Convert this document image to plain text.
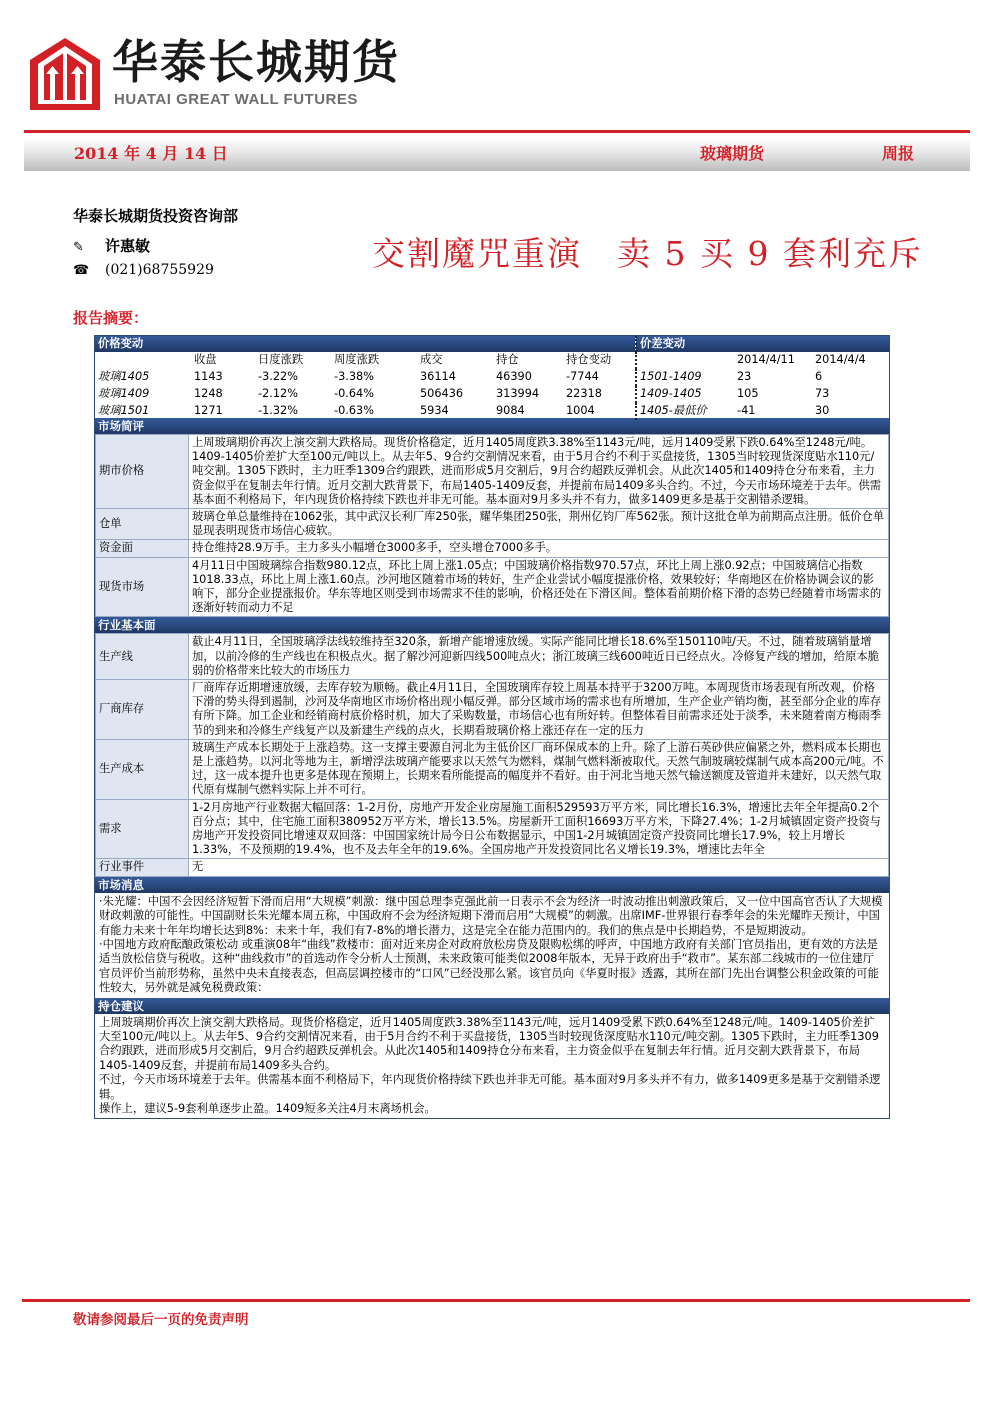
华泰长城期货
HUATAI GREAT WALL FUTURES
2014 年 4 月 14 日	玻璃期货	周报
华泰长城期货投资咨询部
✎ 许惠敏
☎ (021)68755929	交割魔咒重演　卖 5 买 9 套利充斥
报告摘要：
价格变动						
	收盘	日度涨跌	周度涨跌	成交	持仓	持仓变动
玻璃1405	1143	-3.22%	-3.38%	36114	46390	-7744
玻璃1409	1248	-2.12%	-0.64%	506436	313994	22318
玻璃1501	1271	-1.32%	-0.63%	5934	9084	1004
价差变动		
	2014/4/11	2014/4/4
1501-1409	23	6
1409-1405	105	73
1405-最低价	-41	30
市场简评
期市价格	上周玻璃期价再次上演交割大跌格局。现货价格稳定，近月1405周度跌3.38%至1143元/吨，远月1409受累下跌0.64%至1248元/吨。1409-1405价差扩大至100元/吨以上。从去年5、9合约交割情况来看，由于5月合约不利于买盘接货，1305当时较现货深度贴水110元/吨交割。1305下跌时，主力旺季1309合约跟跌，进而形成5月交割后，9月合约超跌反弹机会。从此次1405和1409持仓分布来看，主力资金似乎在复制去年行情。近月交割大跌背景下，布局1405-1409反套，并提前布局1409多头合约。不过，今天市场环境差于去年。供需基本面不利格局下，年内现货价格持续下跌也并非无可能。基本面对9月多头并不有力，做多1409更多是基于交割错杀逻辑。
仓单	玻璃仓单总量维持在1062张，其中武汉长利厂库250张，耀华集团250张，荆州亿钧厂库562张。预计这批仓单为前期高点注册。低价仓单显现表明现货市场信心疲软。
资金面	持仓维持28.9万手。主力多头小幅增仓3000多手，空头增仓7000多手。
现货市场	4月11日中国玻璃综合指数980.12点，环比上周上涨1.05点；中国玻璃价格指数970.57点，环比上周上涨0.92点；中国玻璃信心指数1018.33点，环比上周上涨1.60点。沙河地区随着市场的转好，生产企业尝试小幅度提涨价格，效果较好；华南地区在价格协调会议的影响下，部分企业提涨报价。华东等地区则受到市场需求不佳的影响，价格还处在下滑区间。整体看前期价格下滑的态势已经随着市场需求的逐渐好转而动力不足
行业基本面
生产线	截止4月11日，全国玻璃浮法线较维持至320条，新增产能增速放缓。实际产能同比增长18.6%至150110吨/天。不过，随着玻璃销量增加，以前冷修的生产线也在积极点火。据了解沙河迎新四线500吨点火；浙江玻璃三线600吨近日已经点火。冷修复产线的增加，给原本脆弱的价格带来比较大的市场压力
厂商库存	厂商库存近期增速放缓，去库存较为顺畅。截止4月11日，全国玻璃库存较上周基本持平于3200万吨。本周现货市场表现有所改观，价格下滑的势头得到遏制，沙河及华南地区市场价格出现小幅反弹。部分区域市场的需求也有所增加，生产企业产销均衡，甚至部分企业的库存有所下降。加工企业和经销商村底价格时机，加大了采购数量，市场信心也有所好转。但整体看目前需求还处于淡季，未来随着南方梅雨季节的到来和冷修生产线复产以及新建生产线的点火，长期看玻璃价格上涨还存在一定的压力
生产成本	玻璃生产成本长期处于上涨趋势。这一支撑主要源自河北为主低价区厂商环保成本的上升。除了上游石英砂供应偏紧之外，燃料成本长期也是上涨趋势。以河北等地为主，新增浮法玻璃产能要求以天然气为燃料，煤制气燃料渐被取代。天然气制玻璃较煤制气成本高200元/吨。不过，这一成本提升也更多是体现在预期上，长期来看所能提高的幅度并不看好。由于河北当地天然气输送额度及管道并未建好，以天然气取代原有煤制气燃料实际上并不可行。
需求	1-2月房地产行业数据大幅回落：1-2月份，房地产开发企业房屋施工面积529593万平方米，同比增长16.3%，增速比去年全年提高0.2个百分点；其中，住宅施工面积380952万平方米，增长13.5%。房屋新开工面积16693万平方米，下降27.4%；1-2月城镇固定资产投资与房地产开发投资同比增速双双回落：中国国家统计局今日公布数据显示，中国1-2月城镇固定资产投资同比增长17.9%，较上月增长1.33%，不及预期的19.4%，也不及去年全年的19.6%。全国房地产开发投资同比名义增长19.3%，增速比去年全
行业事件	无
市场消息

·朱光耀：中国不会因经济短暂下滑而启用“大规模”刺激：继中国总理李克强此前一日表示不会为经济一时波动推出刺激政策后，又一位中国高官否认了大规模财政刺激的可能性。中国副财长朱光耀本周五称，中国政府不会为经济短期下滑而启用“大规模”的刺激。出席IMF-世界银行春季年会的朱光耀昨天预计，中国有能力未来十年年均增长达到8%：未来十年，我们有7-8%的增长潜力，这是完全在能力范围内的。我们的焦点是中长期趋势，不是短期波动。

·中国地方政府酝酿政策松动 或重演08年“曲线”救楼市：面对近来房企对政府放松房贷及限购松绑的呼声，中国地方政府有关部门官员指出，更有效的方法是适当放松信贷与税收。这种“曲线救市”的首选动作令分析人士预测，未来政策可能类似2008年版本，无异于政府出手“救市”。某东部二线城市的一位住建厅官员评价当前形势称，虽然中央未直接表态，但高层调控楼市的“口风”已经没那么紧。该官员向《华夏时报》透露，其所在部门先出台调整公积金政策的可能性较大，另外就是减免税费政策：

持仓建议

上周玻璃期价再次上演交割大跌格局。现货价格稳定，近月1405周度跌3.38%至1143元/吨，远月1409受累下跌0.64%至1248元/吨。1409-1405价差扩大至100元/吨以上。从去年5、9合约交割情况来看，由于5月合约不利于买盘接货，1305当时较现货深度贴水110元/吨交割。1305下跌时，主力旺季1309合约跟跌，进而形成5月交割后，9月合约超跌反弹机会。从此次1405和1409持仓分布来看，主力资金似乎在复制去年行情。近月交割大跌背景下，布局1405-1409反套，并提前布局1409多头合约。

不过，今天市场环境差于去年。供需基本面不利格局下，年内现货价格持续下跌也并非无可能。基本面对9月多头并不有力，做多1409更多是基于交割错杀逻辑。

操作上，建议5-9套利单逐步止盈。1409短多关注4月末离场机会。

敬请参阅最后一页的免责声明
